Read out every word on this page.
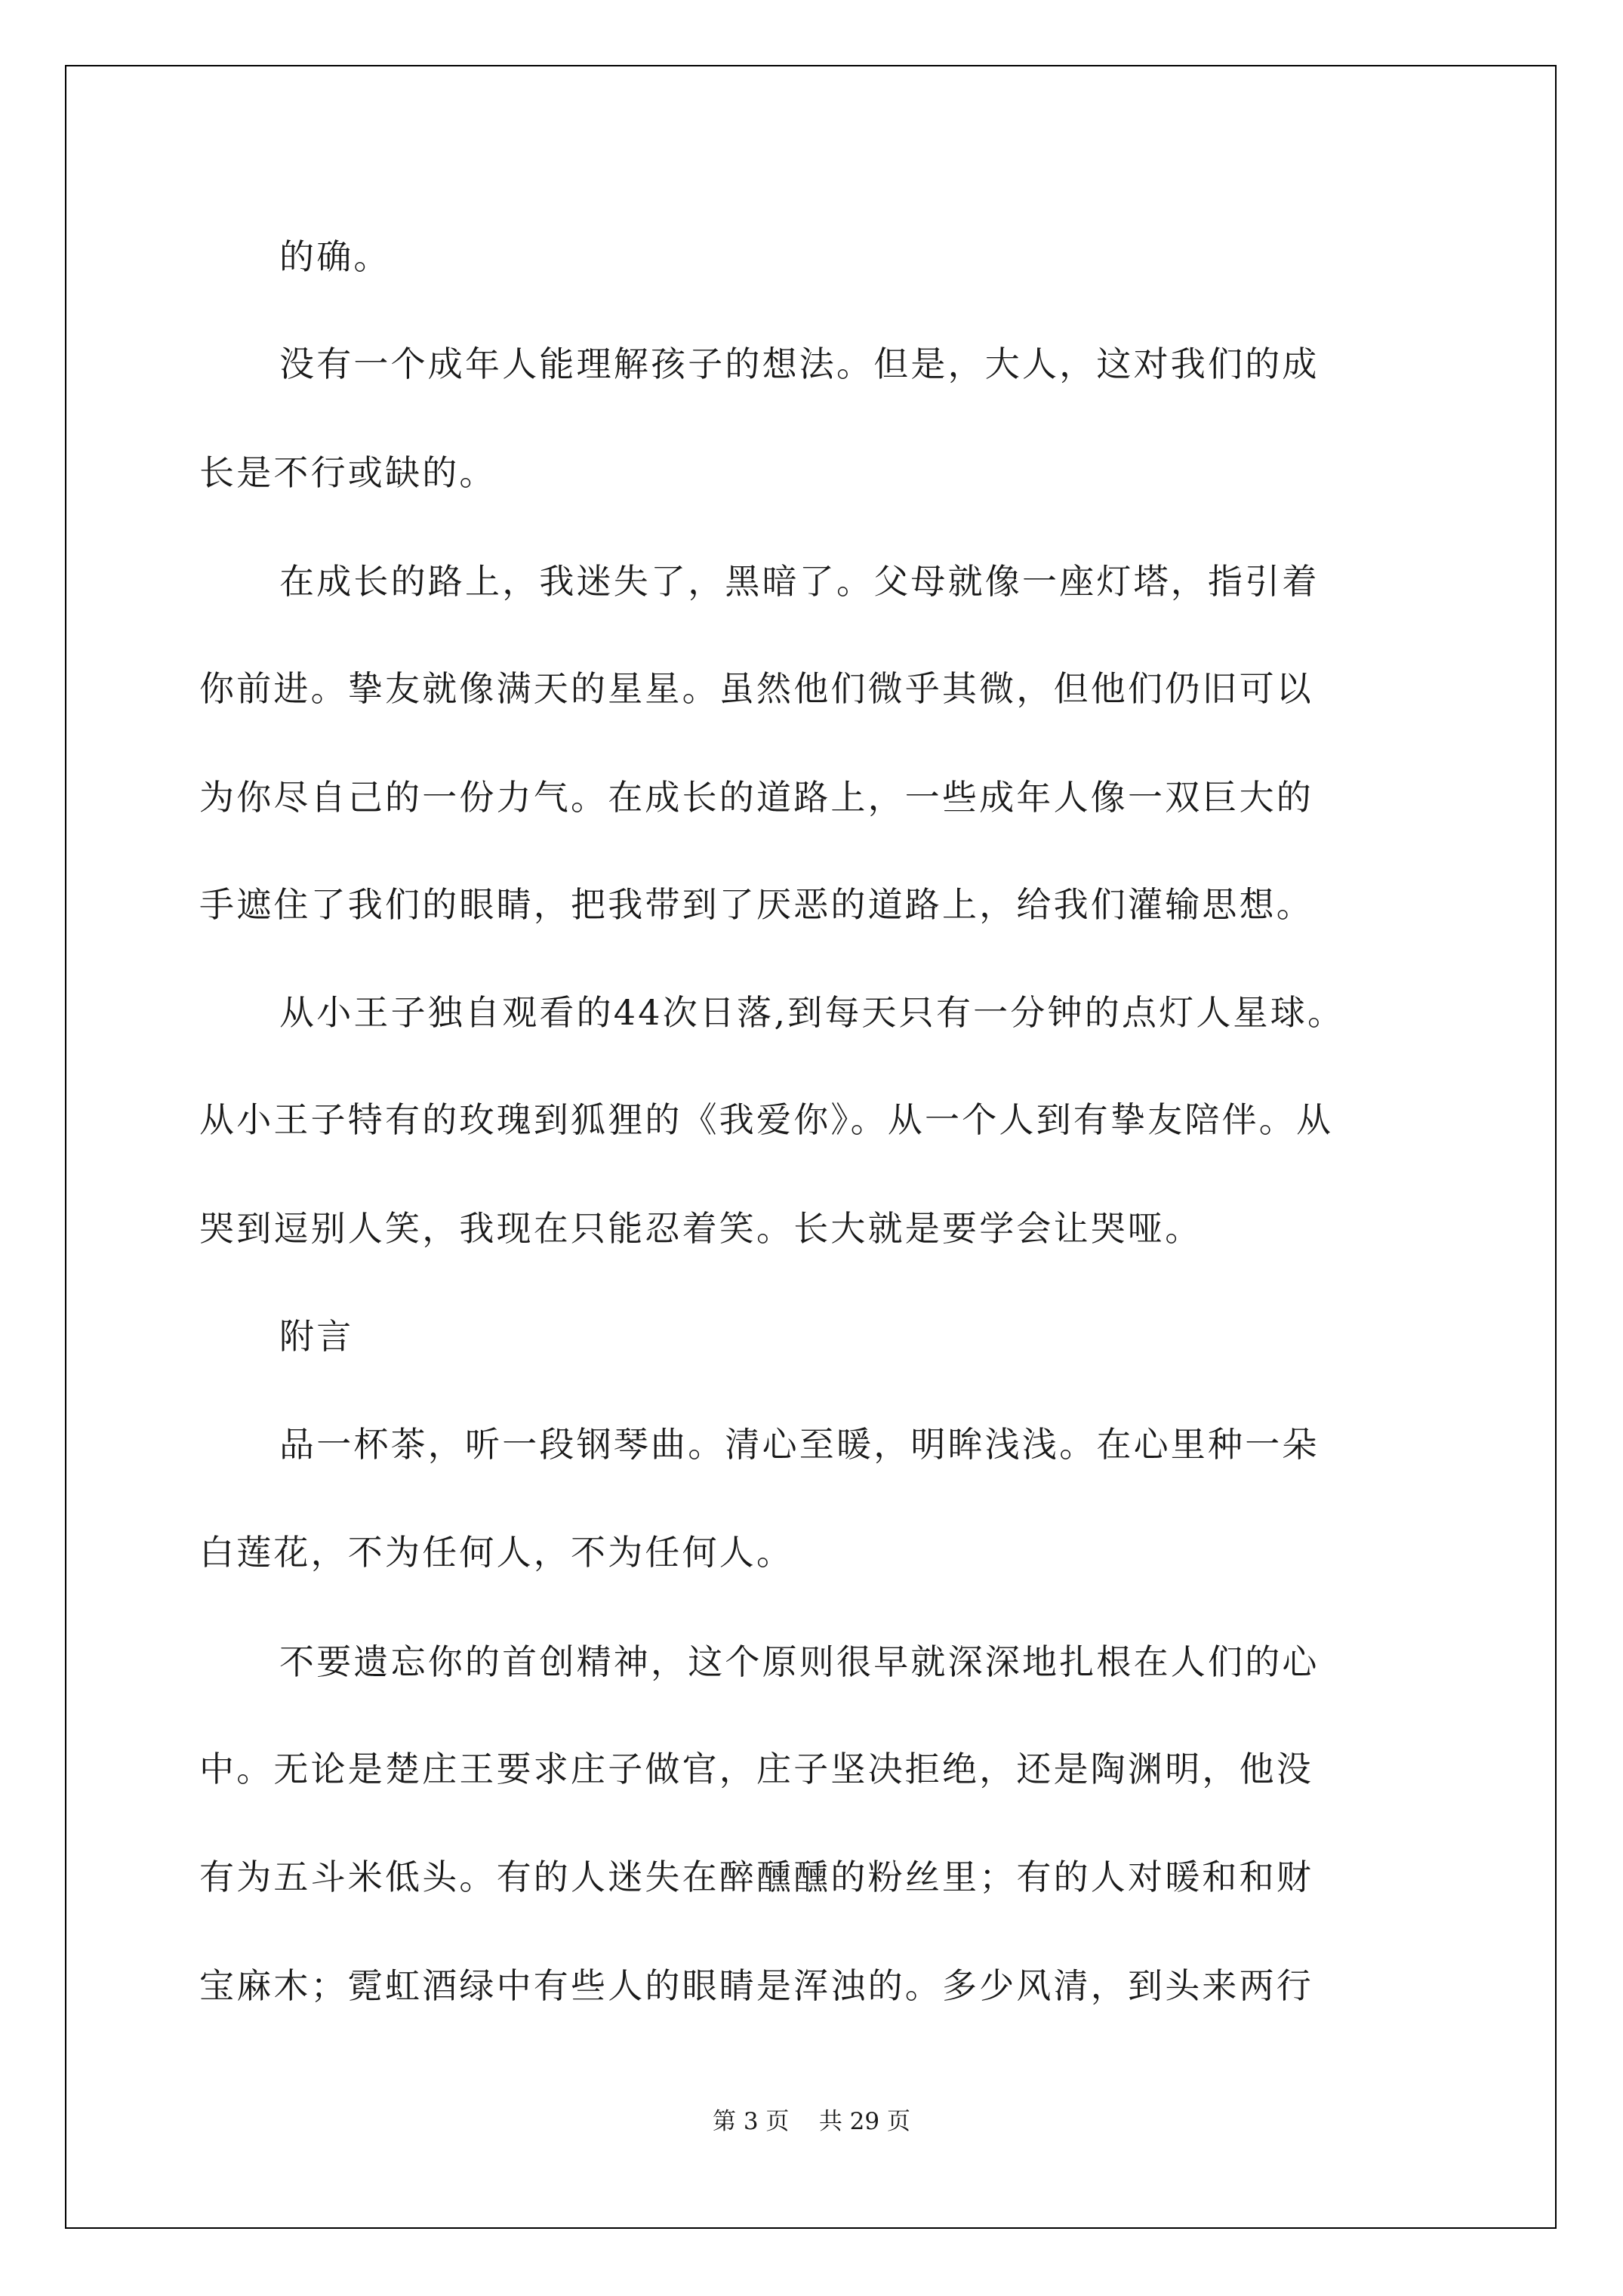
的确。
没有一个成年人能理解孩子的想法。但是，大人，这对我们的成
长是不行或缺的。
在成长的路上，我迷失了，黑暗了。父母就像一座灯塔，指引着
你前进。挚友就像满天的星星。虽然他们微乎其微，但他们仍旧可以
为你尽自己的一份力气。在成长的道路上，一些成年人像一双巨大的
手遮住了我们的眼睛，把我带到了厌恶的道路上，给我们灌输思想。
从小王子独自观看的44次日落,到每天只有一分钟的点灯人星球。
从小王子特有的玫瑰到狐狸的《我爱你》。从一个人到有挚友陪伴。从
哭到逗别人笑，我现在只能忍着笑。长大就是要学会让哭哑。
附言
品一杯茶，听一段钢琴曲。清心至暖，明眸浅浅。在心里种一朵
白莲花，不为任何人，不为任何人。
不要遗忘你的首创精神，这个原则很早就深深地扎根在人们的心
中。无论是楚庄王要求庄子做官，庄子坚决拒绝，还是陶渊明，他没
有为五斗米低头。有的人迷失在醉醺醺的粉丝里；有的人对暖和和财
宝麻木；霓虹酒绿中有些人的眼睛是浑浊的。多少风清，到头来两行
第 3 页    共 29 页
